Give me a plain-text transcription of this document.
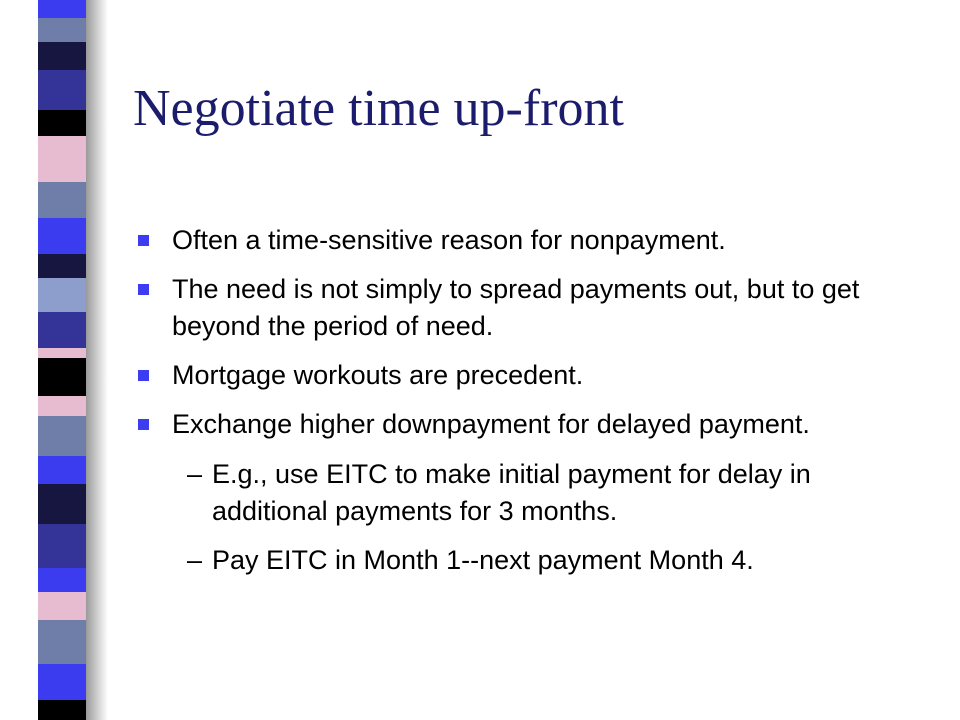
Negotiate time up-front
Often a time-sensitive reason for nonpayment.
The need is not simply to spread payments out, but to get beyond the period of need.
Mortgage workouts are precedent.
Exchange higher downpayment for delayed payment.
– E.g., use EITC to make initial payment for delay in additional payments for 3 months.
– Pay EITC in Month 1--next payment Month 4.
